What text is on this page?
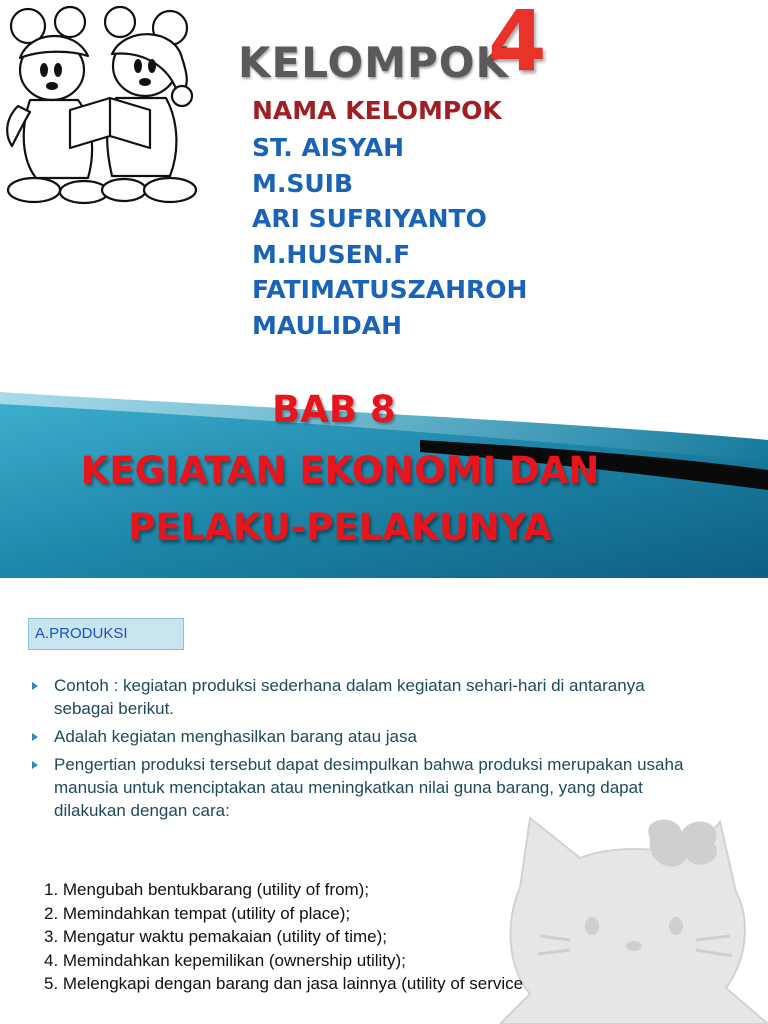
KELOMPOK
4
NAMA KELOMPOK
ST. AISYAH
M.SUIB
ARI SUFRIYANTO
M.HUSEN.F
FATIMATUSZAHROH
MAULIDAH
BAB 8
KEGIATAN EKONOMI DAN
PELAKU-PELAKUNYA
A.PRODUKSI
Contoh : kegiatan produksi sederhana dalam kegiatan sehari-hari di antaranya sebagai berikut.
Adalah kegiatan menghasilkan barang atau jasa
Pengertian produksi tersebut dapat desimpulkan bahwa produksi merupakan usaha manusia untuk menciptakan atau meningkatkan nilai guna barang, yang dapat dilakukan dengan cara:
1. Mengubah bentukbarang (utility of from);
2. Memindahkan tempat (utility of place);
3. Mengatur waktu pemakaian (utility of time);
4. Memindahkan kepemilikan (ownership utility);
5. Melengkapi dengan barang dan jasa lainnya (utility of service
